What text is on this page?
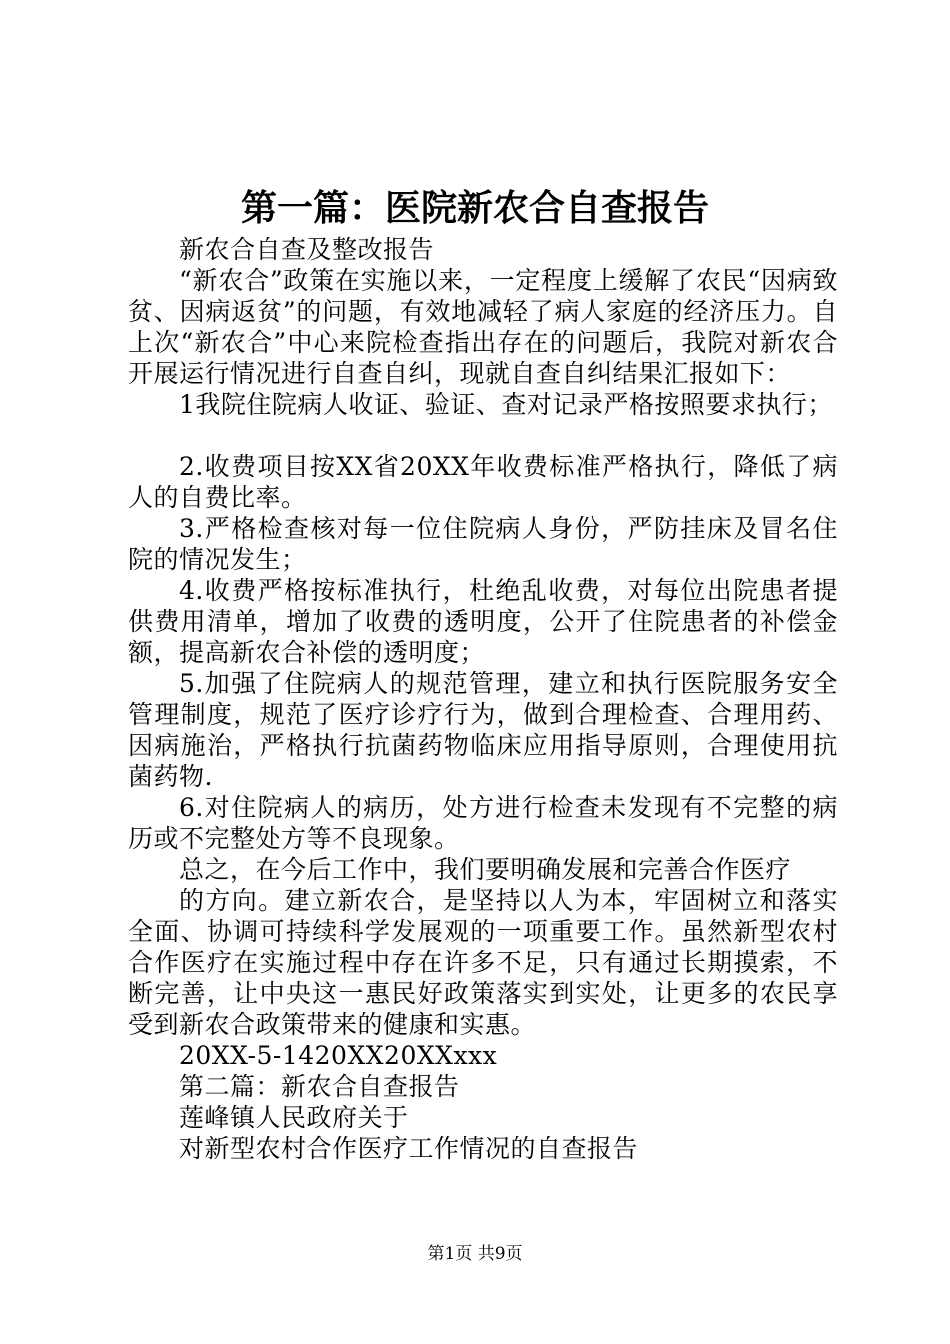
第一篇：医院新农合自查报告

新农合自查及整改报告

“新农合”政策在实施以来，一定程度上缓解了农民“因病致贫、因病返贫”的问题，有效地减轻了病人家庭的经济压力。自上次“新农合”中心来院检查指出存在的问题后，我院对新农合开展运行情况进行自查自纠，现就自查自纠结果汇报如下：

1我院住院病人收证、验证、查对记录严格按照要求执行；

2.收费项目按XX省20XX年收费标准严格执行，降低了病人的自费比率。

3.严格检查核对每一位住院病人身份，严防挂床及冒名住院的情况发生；

4.收费严格按标准执行，杜绝乱收费，对每位出院患者提供费用清单，增加了收费的透明度，公开了住院患者的补偿金额，提高新农合补偿的透明度；

5.加强了住院病人的规范管理，建立和执行医院服务安全管理制度，规范了医疗诊疗行为，做到合理检查、合理用药、因病施治，严格执行抗菌药物临床应用指导原则，合理使用抗菌药物.

6.对住院病人的病历，处方进行检查未发现有不完整的病历或不完整处方等不良现象。

总之，在今后工作中，我们要明确发展和完善合作医疗

的方向。建立新农合，是坚持以人为本，牢固树立和落实全面、协调可持续科学发展观的一项重要工作。虽然新型农村合作医疗在实施过程中存在许多不足，只有通过长期摸索，不断完善，让中央这一惠民好政策落实到实处，让更多的农民享受到新农合政策带来的健康和实惠。

20XX-5-1420XX20XXxxx

第二篇：新农合自查报告

莲峰镇人民政府关于

对新型农村合作医疗工作情况的自查报告

第1页 共9页
